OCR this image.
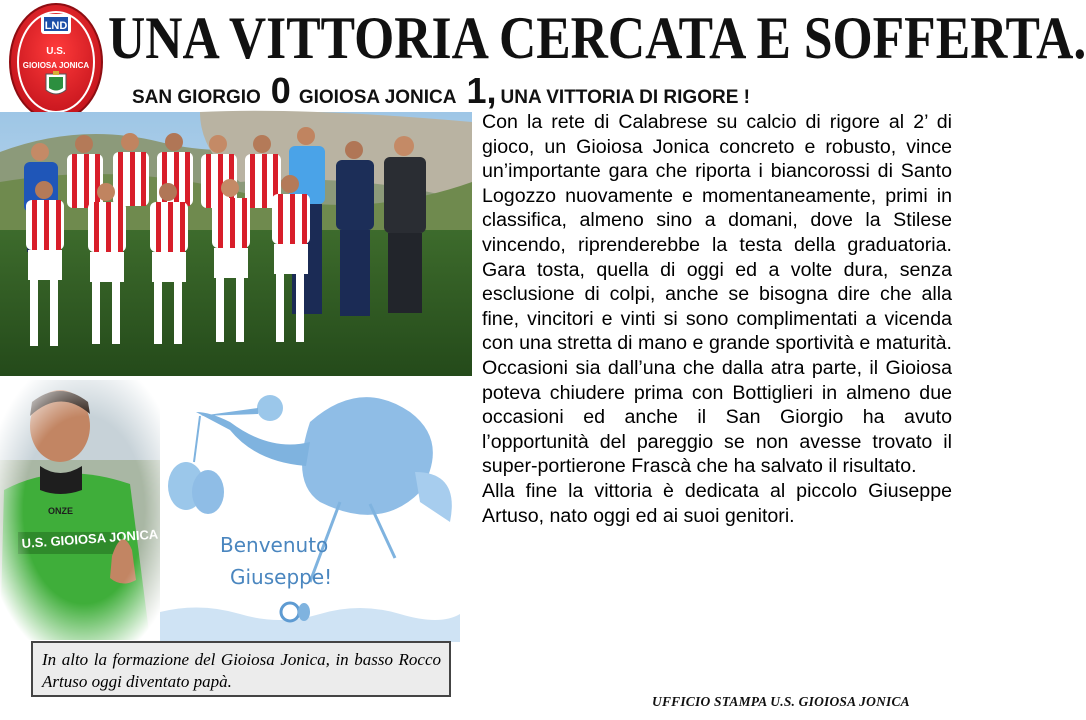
LND
U.S.
GIOIOSA JONICA UNA VITTORIA CERCATA E SOFFERTA.
SAN GIORGIO 0 GIOIOSA JONICA 1, UNA VITTORIA DI RIGORE !
Con la rete di Calabrese su calcio di rigore al 2’ di gioco, un Gioiosa Jonica concreto e robusto, vince un’importante gara che riporta i biancorossi di Santo Logozzo nuovamente e momentaneamente, primi in classifica, almeno sino a domani, dove la Stilese vincendo, riprenderebbe la testa della graduatoria. Gara tosta, quella di oggi ed a volte dura, senza esclusione di colpi, anche se bisogna dire che alla fine, vincitori e vinti si sono complimentati a vicenda con una stretta di mano e grande sportività e maturità. Occasioni sia dall’una che dalla atra parte, il Gioiosa poteva chiudere prima con Bottiglieri in almeno due occasioni ed anche il San Giorgio ha avuto l’opportunità del pareggio se non avesse trovato il super-portierone Frascà che ha salvato il risultato.
Alla fine la vittoria è dedicata al piccolo Giuseppe Artuso, nato oggi ed ai suoi genitori.
Benvenuto
Giuseppe!
In alto la formazione del Gioiosa Jonica, in basso Rocco Artuso oggi diventato papà.
UFFICIO STAMPA U.S. GIOIOSA JONICA
